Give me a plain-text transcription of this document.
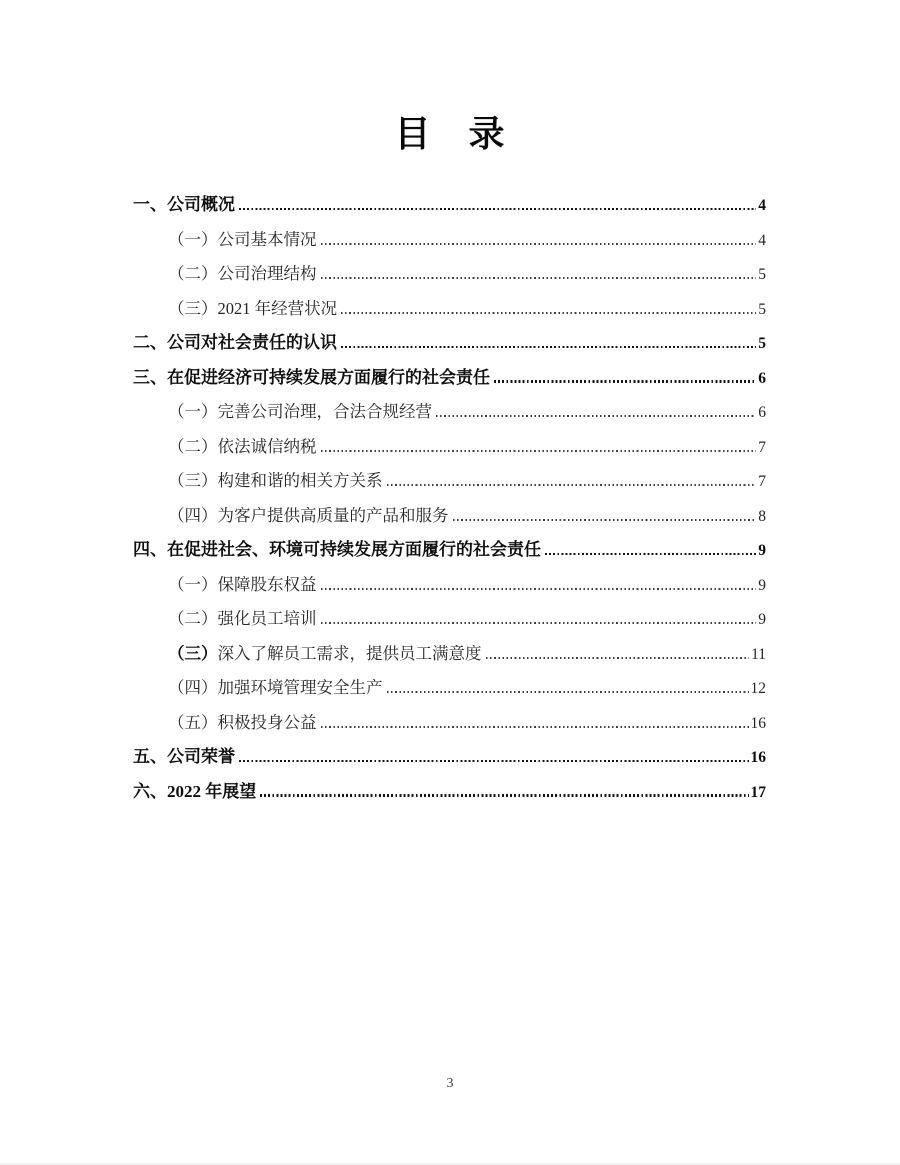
目　录
一、 公司概况	4
（一） 公司基本情况	4
（二） 公司治理结构	5
（三） 2021 年经营状况	5
二、 公司对社会责任的认识	5
三、 在促进经济可持续发展方面履行的社会责任	6
（一） 完善公司治理，合法合规经营	6
（二） 依法诚信纳税	7
（三） 构建和谐的相关方关系	7
（四） 为客户提供高质量的产品和服务	8
四、 在促进社会、环境可持续发展方面履行的社会责任	9
（一） 保障股东权益	9
（二） 强化员工培训	9
（三） 深入了解员工需求，提供员工满意度	11
（四） 加强环境管理安全生产	12
（五） 积极投身公益	16
五、 公司荣誉	16
六、 2022 年展望	17
3
